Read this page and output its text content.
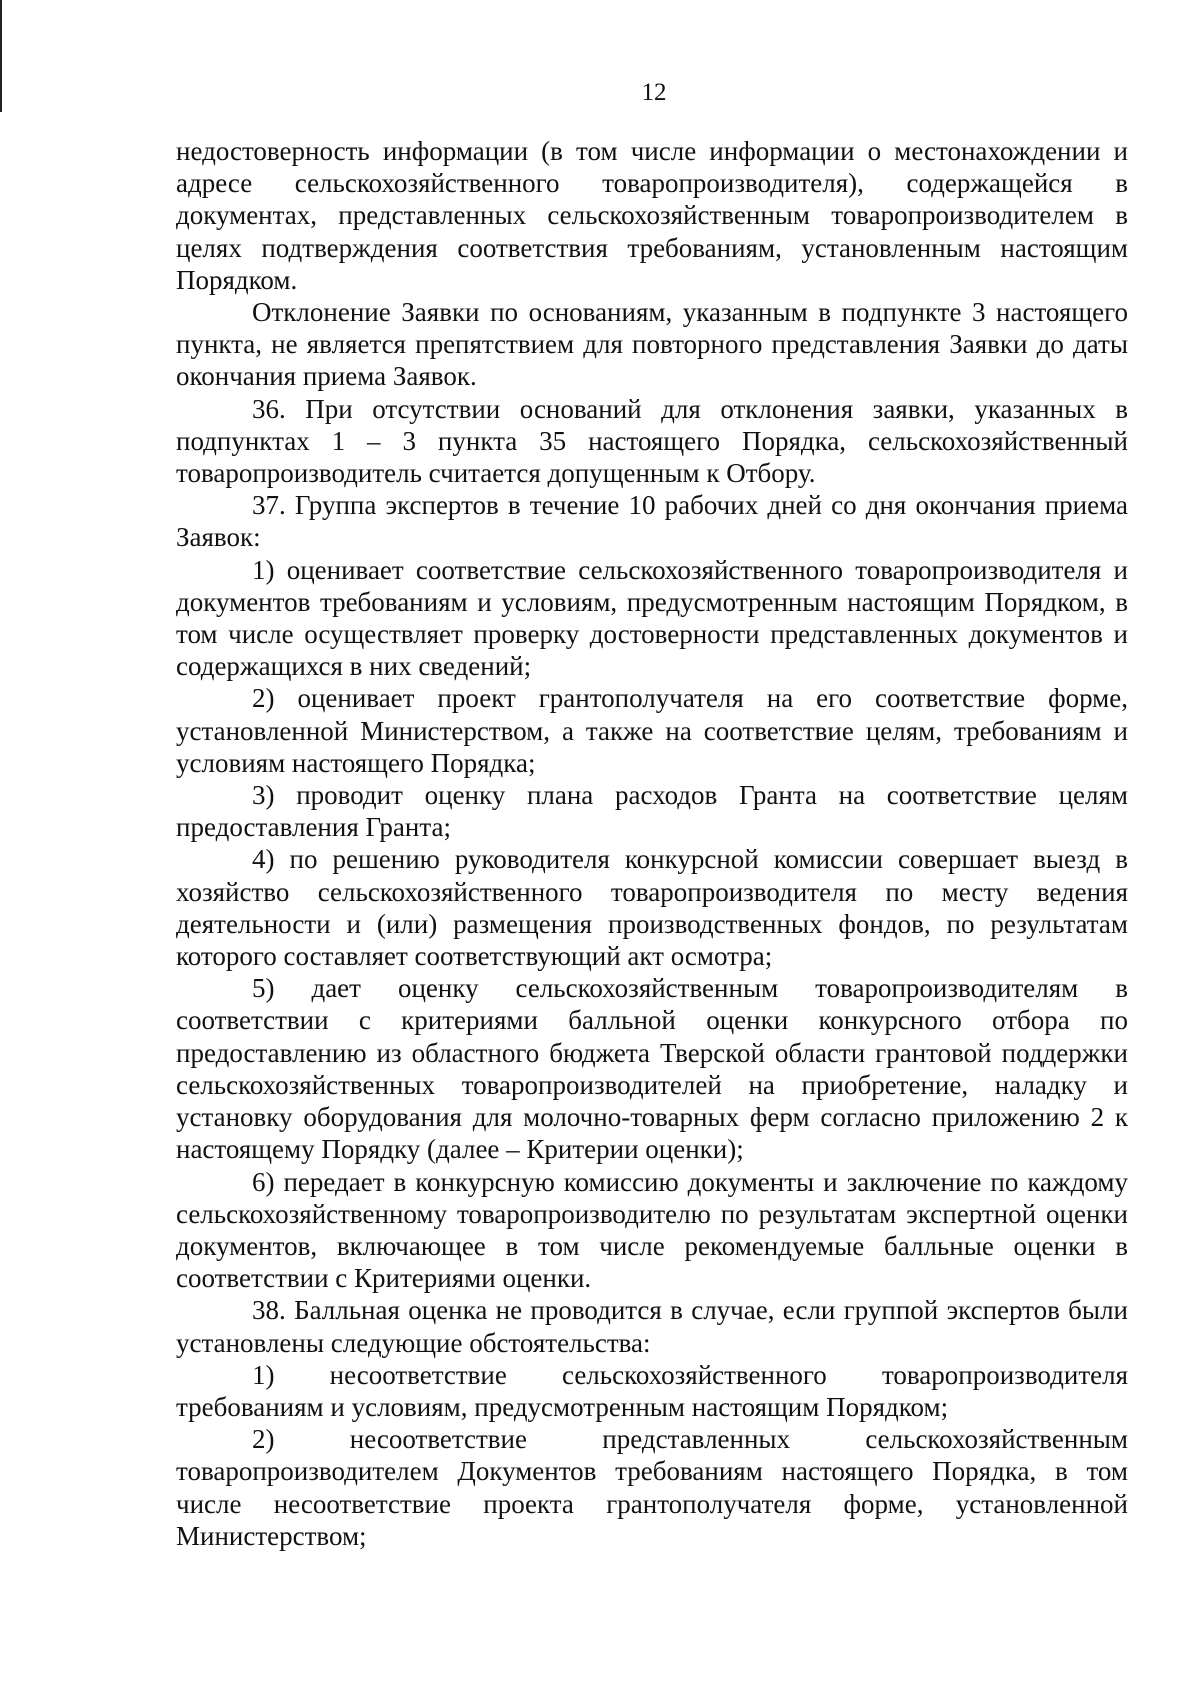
12

недостоверность информации (в том числе информации о местонахождении и адресе сельскохозяйственного товаропроизводителя), содержащейся в документах, представленных сельскохозяйственным товаропроизводителем в целях подтверждения соответствия требованиям, установленным настоящим Порядком.

Отклонение Заявки по основаниям, указанным в подпункте 3 настоящего пункта, не является препятствием для повторного представления Заявки до даты окончания приема Заявок.

36. При отсутствии оснований для отклонения заявки, указанных в подпунктах 1 – 3 пункта 35 настоящего Порядка, сельскохозяйственный товаропроизводитель считается допущенным к Отбору.

37. Группа экспертов в течение 10 рабочих дней со дня окончания приема Заявок:

1) оценивает соответствие сельскохозяйственного товаропроизводителя и документов требованиям и условиям, предусмотренным настоящим Порядком, в том числе осуществляет проверку достоверности представленных документов и содержащихся в них сведений;

2) оценивает проект грантополучателя на его соответствие форме, установленной Министерством, а также на соответствие целям, требованиям и условиям настоящего Порядка;

3) проводит оценку плана расходов Гранта на соответствие целям предоставления Гранта;

4) по решению руководителя конкурсной комиссии совершает выезд в хозяйство сельскохозяйственного товаропроизводителя по месту ведения деятельности и (или) размещения производственных фондов, по результатам которого составляет соответствующий акт осмотра;

5) дает оценку сельскохозяйственным товаропроизводителям в соответствии с критериями балльной оценки конкурсного отбора по предоставлению из областного бюджета Тверской области грантовой поддержки сельскохозяйственных товаропроизводителей на приобретение, наладку и установку оборудования для молочно-товарных ферм согласно приложению 2 к настоящему Порядку (далее – Критерии оценки);

6) передает в конкурсную комиссию документы и заключение по каждому сельскохозяйственному товаропроизводителю по результатам экспертной оценки документов, включающее в том числе рекомендуемые балльные оценки в соответствии с Критериями оценки.

38. Балльная оценка не проводится в случае, если группой экспертов были установлены следующие обстоятельства:

1) несоответствие сельскохозяйственного товаропроизводителя требованиям и условиям, предусмотренным настоящим Порядком;

2) несоответствие представленных сельскохозяйственным товаропроизводителем Документов требованиям настоящего Порядка, в том числе несоответствие проекта грантополучателя форме, установленной Министерством;
